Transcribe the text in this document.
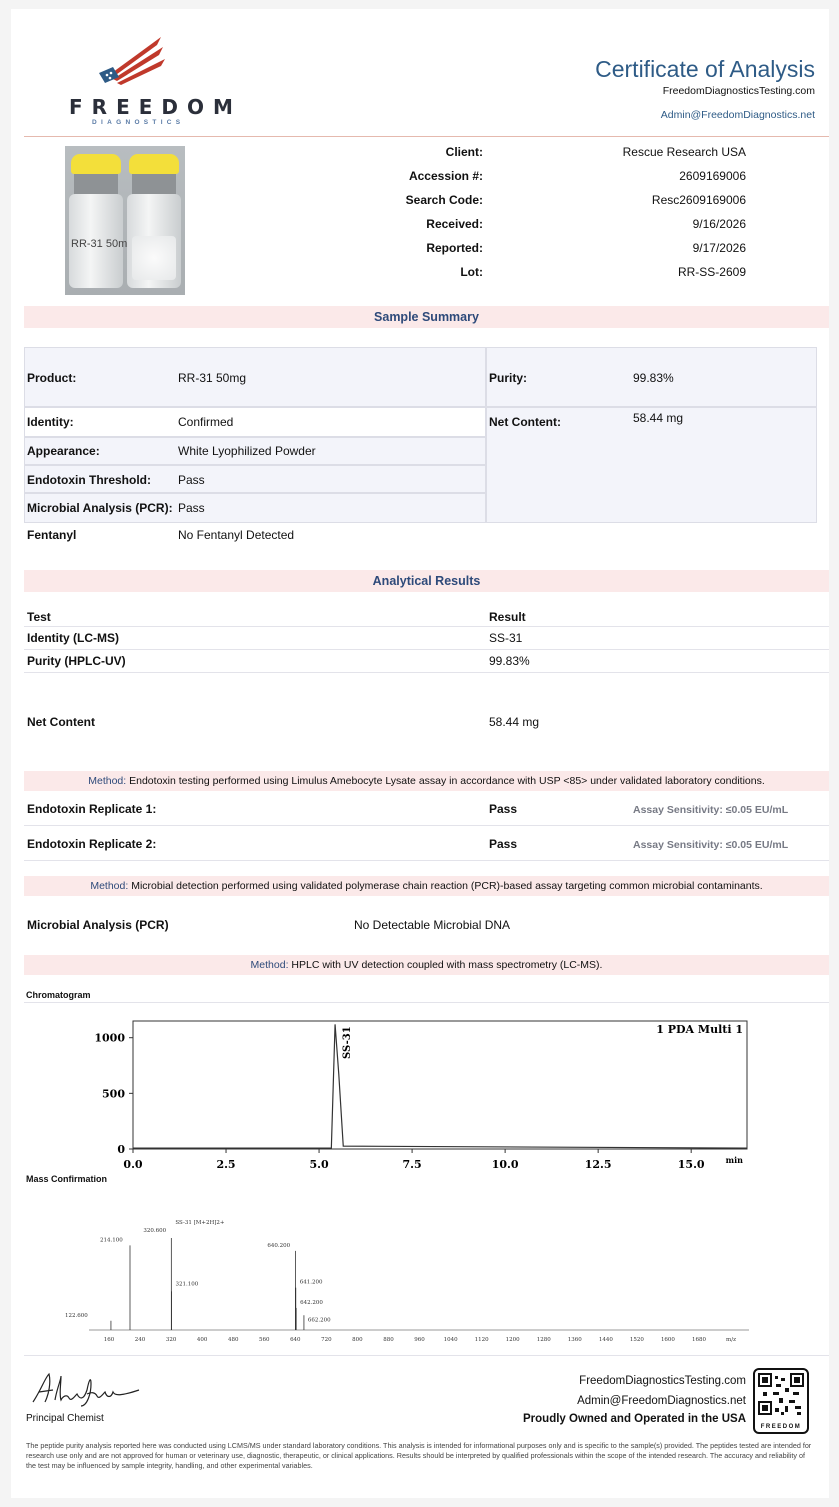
FREEDOM
DIAGNOSTICS
Certificate of Analysis
FreedomDiagnosticsTesting.com
Admin@FreedomDiagnostics.net
RR-31 50m
Client:	Rescue Research USA
Accession #:	2609169006
Search Code:	Resc2609169006
Received:	9/16/2026
Reported:	9/17/2026
Lot:	RR-SS-2609
Sample Summary
Product:	RR-31 50mg	Purity:	99.83%
Identity:	Confirmed	Net Content:	58.44 mg
Appearance:	White Lyophilized Powder
Endotoxin Threshold: Pass
Microbial Analysis (PCR): Pass
Fentanyl	No Fentanyl Detected
Analytical Results
Test	Result
Identity (LC-MS)	SS-31
Purity (HPLC-UV)	99.83%
Net Content	58.44 mg
Method: Endotoxin testing performed using Limulus Amebocyte Lysate assay in accordance with USP <85> under validated laboratory conditions.
Endotoxin Replicate 1:	Pass	Assay Sensitivity: ≤0.05 EU/mL
Endotoxin Replicate 2:	Pass	Assay Sensitivity: ≤0.05 EU/mL
Method: Microbial detection performed using validated polymerase chain reaction (PCR)-based assay targeting common microbial contaminants.
Microbial Analysis (PCR)	No Detectable Microbial DNA
Method: HPLC with UV detection coupled with mass spectrometry (LC-MS).
Chromatogram
0
500
1000
0.0	2.5	5.0	7.5	10.0	12.5	15.0	min
1 PDA Multi 1
SS-31
Mass Confirmation
160	240	320	400	480	560	640	720	800	880	960	1040	1120	1200	1280	1360	1440	1520	1600	1680	m/z
122.600
214.100
320.600
321.100
640.200
641.200
642.200
662.200
SS-31 [M+2H]2+
Principal Chemist
FreedomDiagnosticsTesting.com
Admin@FreedomDiagnostics.net
Proudly Owned and Operated in the USA
FREEDOM
The peptide purity analysis reported here was conducted using LCMS/MS under standard laboratory conditions. This analysis is intended for informational purposes only and is specific to the sample(s) provided. The peptides tested are intended for research use only and are not approved for human or veterinary use, diagnostic, therapeutic, or clinical applications. Results should be interpreted by qualified professionals within the scope of the intended research. The accuracy and reliability of the test may be influenced by sample integrity, handling, and other experimental variables.
